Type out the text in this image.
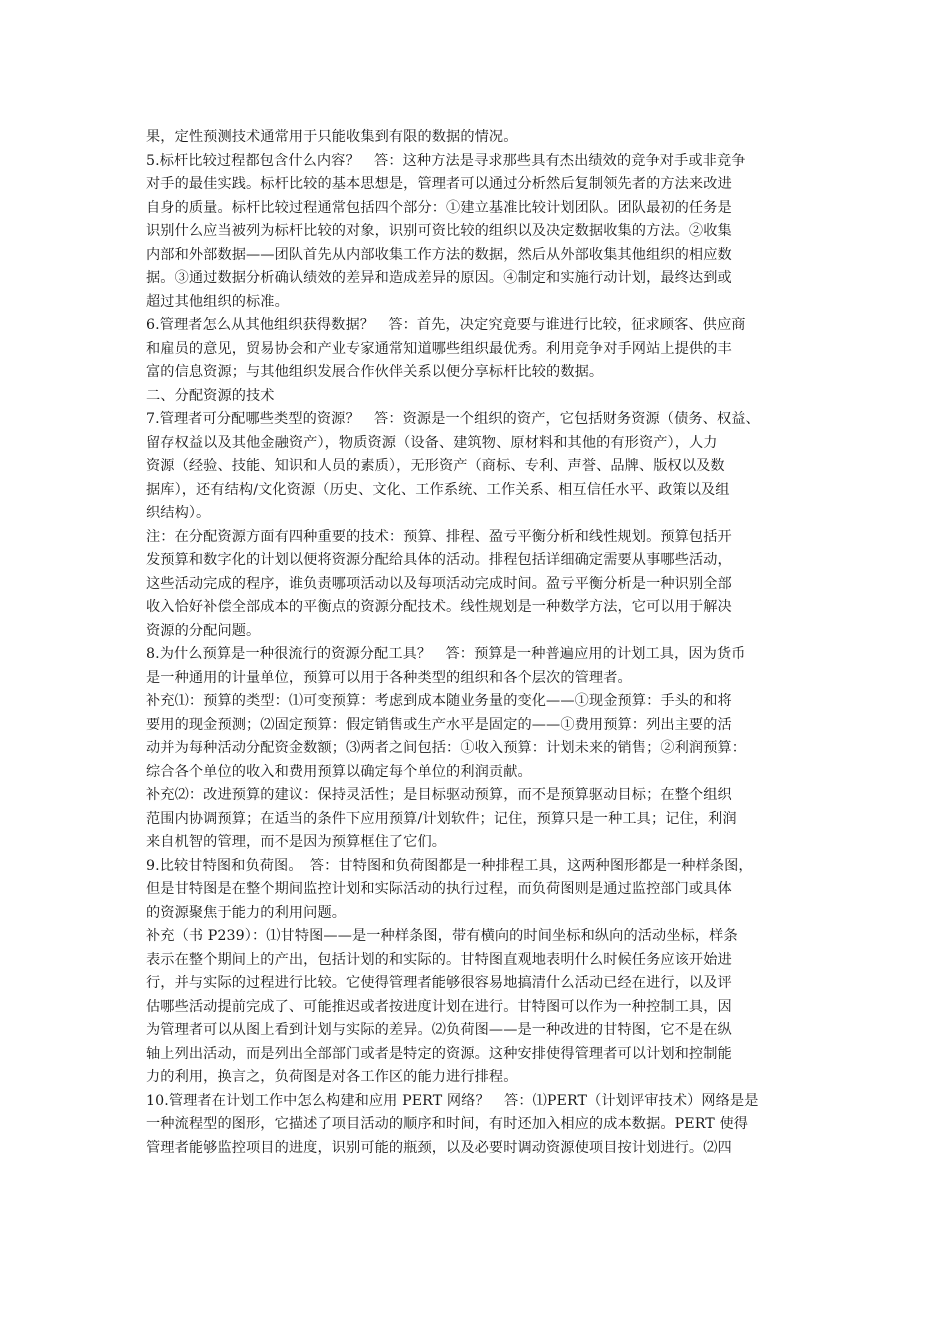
果，定性预测技术通常用于只能收集到有限的数据的情况。
5.标杆比较过程都包含什么内容？　答：这种方法是寻求那些具有杰出绩效的竞争对手或非竞争
对手的最佳实践。标杆比较的基本思想是，管理者可以通过分析然后复制领先者的方法来改进
自身的质量。标杆比较过程通常包括四个部分：①建立基准比较计划团队。团队最初的任务是
识别什么应当被列为标杆比较的对象，识别可资比较的组织以及决定数据收集的方法。②收集
内部和外部数据——团队首先从内部收集工作方法的数据，然后从外部收集其他组织的相应数
据。③通过数据分析确认绩效的差异和造成差异的原因。④制定和实施行动计划，最终达到或
超过其他组织的标准。
6.管理者怎么从其他组织获得数据？　答：首先，决定究竟要与谁进行比较，征求顾客、供应商
和雇员的意见，贸易协会和产业专家通常知道哪些组织最优秀。利用竞争对手网站上提供的丰
富的信息资源；与其他组织发展合作伙伴关系以便分享标杆比较的数据。
二、分配资源的技术
7.管理者可分配哪些类型的资源？　答：资源是一个组织的资产，它包括财务资源（债务、权益、
留存权益以及其他金融资产），物质资源（设备、建筑物、原材料和其他的有形资产），人力
资源（经验、技能、知识和人员的素质），无形资产（商标、专利、声誉、品牌、版权以及数
据库），还有结构/文化资源（历史、文化、工作系统、工作关系、相互信任水平、政策以及组
织结构）。
注：在分配资源方面有四种重要的技术：预算、排程、盈亏平衡分析和线性规划。预算包括开
发预算和数字化的计划以便将资源分配给具体的活动。排程包括详细确定需要从事哪些活动，
这些活动完成的程序，谁负责哪项活动以及每项活动完成时间。盈亏平衡分析是一种识别全部
收入恰好补偿全部成本的平衡点的资源分配技术。线性规划是一种数学方法，它可以用于解决
资源的分配问题。
8.为什么预算是一种很流行的资源分配工具？　答：预算是一种普遍应用的计划工具，因为货币
是一种通用的计量单位，预算可以用于各种类型的组织和各个层次的管理者。
补充⑴：预算的类型：⑴可变预算：考虑到成本随业务量的变化——①现金预算：手头的和将
要用的现金预测；⑵固定预算：假定销售或生产水平是固定的——①费用预算：列出主要的活
动并为每种活动分配资金数额；⑶两者之间包括：①收入预算：计划未来的销售；②利润预算：
综合各个单位的收入和费用预算以确定每个单位的利润贡献。
补充⑵：改进预算的建议：保持灵活性；是目标驱动预算，而不是预算驱动目标；在整个组织
范围内协调预算；在适当的条件下应用预算/计划软件；记住，预算只是一种工具；记住，利润
来自机智的管理，而不是因为预算框住了它们。
9.比较甘特图和负荷图。　答：甘特图和负荷图都是一种排程工具，这两种图形都是一种样条图，
但是甘特图是在整个期间监控计划和实际活动的执行过程，而负荷图则是通过监控部门或具体
的资源聚焦于能力的利用问题。
补充（书 P239）：⑴甘特图——是一种样条图，带有横向的时间坐标和纵向的活动坐标，样条
表示在整个期间上的产出，包括计划的和实际的。甘特图直观地表明什么时候任务应该开始进
行，并与实际的过程进行比较。它使得管理者能够很容易地搞清什么活动已经在进行，以及评
估哪些活动提前完成了、可能推迟或者按进度计划在进行。甘特图可以作为一种控制工具，因
为管理者可以从图上看到计划与实际的差异。⑵负荷图——是一种改进的甘特图，它不是在纵
轴上列出活动，而是列出全部部门或者是特定的资源。这种安排使得管理者可以计划和控制能
力的利用，换言之，负荷图是对各工作区的能力进行排程。
10.管理者在计划工作中怎么构建和应用 PERT 网络？　答：⑴PERT（计划评审技术）网络是是
一种流程型的图形，它描述了项目活动的顺序和时间，有时还加入相应的成本数据。PERT 使得
管理者能够监控项目的进度，识别可能的瓶颈，以及必要时调动资源使项目按计划进行。⑵四
